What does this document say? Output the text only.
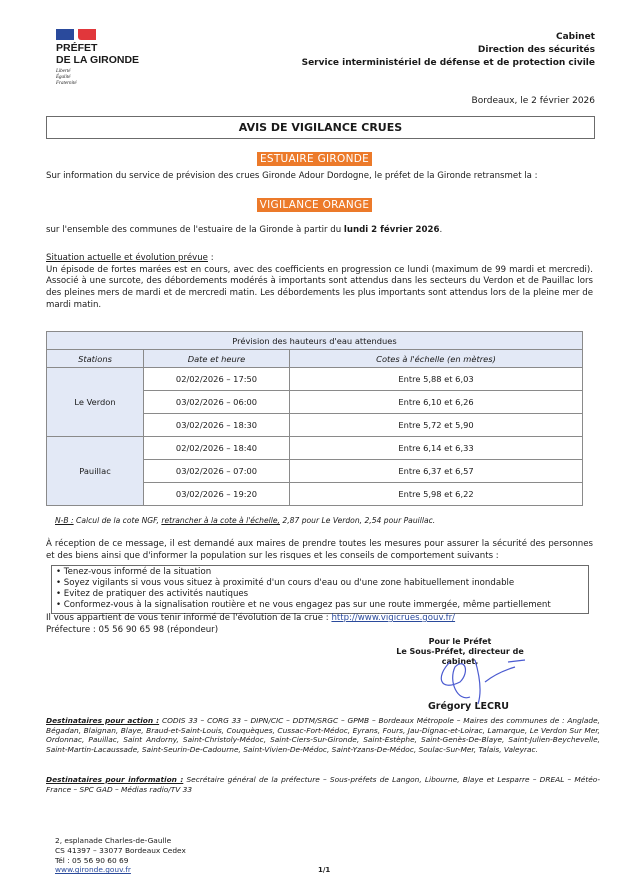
PRÉFET
DE LA GIRONDE
Liberté
Égalité
Fraternité
Cabinet
Direction des sécurités
Service interministériel de défense et de protection civile
Bordeaux, le 2 février 2026
AVIS DE VIGILANCE CRUES
ESTUAIRE GIRONDE
Sur information du service de prévision des crues Gironde Adour Dordogne, le préfet de la Gironde retransmet la :
VIGILANCE ORANGE
sur l'ensemble des communes de l'estuaire de la Gironde à partir du lundi 2 février 2026.
Situation actuelle et évolution prévue :
Un épisode de fortes marées est en cours, avec des coefficients en progression ce lundi (maximum de 99 mardi et mercredi). Associé à une surcote, des débordements modérés à importants sont attendus dans les secteurs du Verdon et de Pauillac lors des pleines mers de mardi et de mercredi matin. Les débordements les plus importants sont attendus lors de la pleine mer de mardi matin.
Prévision des hauteurs d'eau attendues		
Stations	Date et heure	Cotes à l'échelle (en mètres)
Le Verdon	02/02/2026 – 17:50	Entre 5,88 et 6,03
	03/02/2026 – 06:00	Entre 6,10 et 6,26
	03/02/2026 – 18:30	Entre 5,72 et 5,90
Pauillac	02/02/2026 – 18:40	Entre 6,14 et 6,33
	03/02/2026 – 07:00	Entre 6,37 et 6,57
	03/02/2026 – 19:20	Entre 5,98 et 6,22
N-B : Calcul de la cote NGF, retrancher à la cote à l'échelle, 2,87 pour Le Verdon, 2,54 pour Pauillac.
À réception de ce message, il est demandé aux maires de prendre toutes les mesures pour assurer la sécurité des personnes et des biens ainsi que d'informer la population sur les risques et les conseils de comportement suivants :
• Tenez-vous informé de la situation
• Soyez vigilants si vous vous situez à proximité d'un cours d'eau ou d'une zone habituellement inondable
• Evitez de pratiquer des activités nautiques
• Conformez-vous à la signalisation routière et ne vous engagez pas sur une route immergée, même partiellement
Il vous appartient de vous tenir informé de l'évolution de la crue : http://www.vigicrues.gouv.fr/
Préfecture : 05 56 90 65 98 (répondeur)
Pour le Préfet
Le Sous-Préfet, directeur de cabinet,
Grégory LECRU
Destinataires pour action : CODIS 33 – CORG 33 – DIPN/CIC – DDTM/SRGC – GPMB – Bordeaux Métropole – Maires des communes de : Anglade, Bégadan, Blaignan, Blaye, Braud-et-Saint-Louis, Couquèques, Cussac-Fort-Médoc, Eyrans, Fours, Jau-Dignac-et-Loirac, Lamarque, Le Verdon Sur Mer, Ordonnac, Pauillac, Saint Andorny, Saint-Christoly-Médoc, Saint-Ciers-Sur-Gironde, Saint-Estèphe, Saint-Genès-De-Blaye, Saint-Julien-Beychevelle, Saint-Martin-Lacaussade, Saint-Seurin-De-Cadourne, Saint-Vivien-De-Médoc, Saint-Yzans-De-Médoc, Soulac-Sur-Mer, Talais, Valeyrac.
Destinataires pour information : Secrétaire général de la préfecture – Sous-préfets de Langon, Libourne, Blaye et Lesparre – DREAL – Météo-France – SPC GAD – Médias radio/TV 33
2, esplanade Charles-de-Gaulle
CS 41397 – 33077 Bordeaux Cedex
Tél : 05 56 90 60 69
www.gironde.gouv.fr	1/1
